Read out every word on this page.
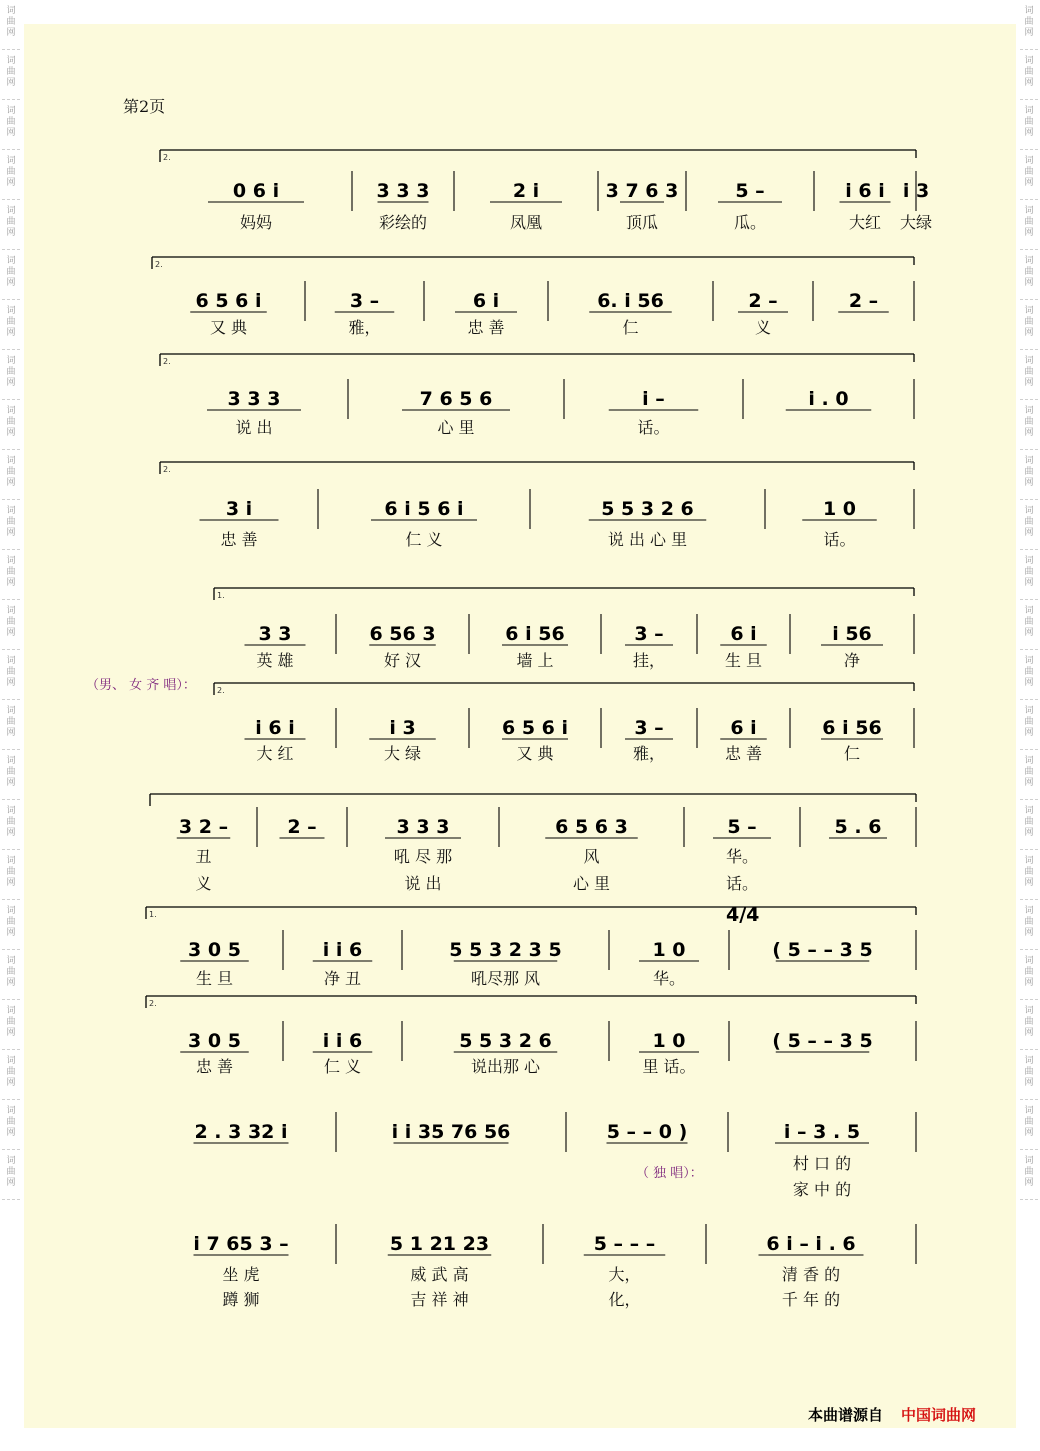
词曲网
词曲网
词曲网
词曲网
词曲网
词曲网
词曲网
词曲网
词曲网
词曲网
词曲网
词曲网
词曲网
词曲网
词曲网
词曲网
词曲网
词曲网
词曲网
词曲网
词曲网
词曲网
词曲网
词曲网
词曲网
词曲网
词曲网
词曲网
词曲网
词曲网
词曲网
词曲网
词曲网
词曲网
词曲网
词曲网
词曲网
词曲网
词曲网
词曲网
词曲网
词曲网
词曲网
词曲网
词曲网
词曲网
词曲网
词曲网
第2页
2.
0 6 i	3 3 3	2 i	3 7 6 3	5 –	i 6 i i 3
妈妈	彩绘的	凤凰	顶瓜	瓜。	大红 大绿
2.
6 5 6 i	3 –	6 i	6. i 56	2 –	2 –
又 典	雅，	忠 善	仁	义
2.
3 3 3	7 6 5 6	i –	i . 0
说 出	心 里	话。
2.
3 i	6 i 5 6 i	5 5 3 2 6	1 0
忠 善	仁 义	说 出 心 里	话。
1.
3 3	6 56 3	6 i 56	3 –	6 i	i 56
英 雄	好 汉	墙 上	挂，	生 旦	净
2.
i 6 i	i 3	6 5 6 i	3 –	6 i	6 i 56
大 红	大 绿	又 典	雅，	忠 善	仁
3 2 –	2 –	3 3 3	6 5 6 3	5 –	5 . 6
丑	吼 尽 那	风	华。
义	说 出	心 里	话。
1.	4/4
3 0 5	i i 6	5 5 3 2 3 5	1 0	( 5 – – 3 5
生 旦	净 丑	吼尽那 风	华。
2.
3 0 5	i i 6	5 5 3 2 6	1 0	( 5 – – 3 5
忠 善	仁 义	说出那 心	里 话。
2 . 3 32 i	i i 35 76 56	5 – – 0 )	i – 3 . 5
村 口 的
家 中 的
i 7 65 3 –	5 1 21 23	5 – – –	6 i – i . 6
坐 虎	威 武 高	大，	清 香 的
蹲 狮	吉 祥 神	化，	千 年 的
（男、 女 齐 唱）：
（ 独 唱）：
本曲谱源自 中国词曲网
